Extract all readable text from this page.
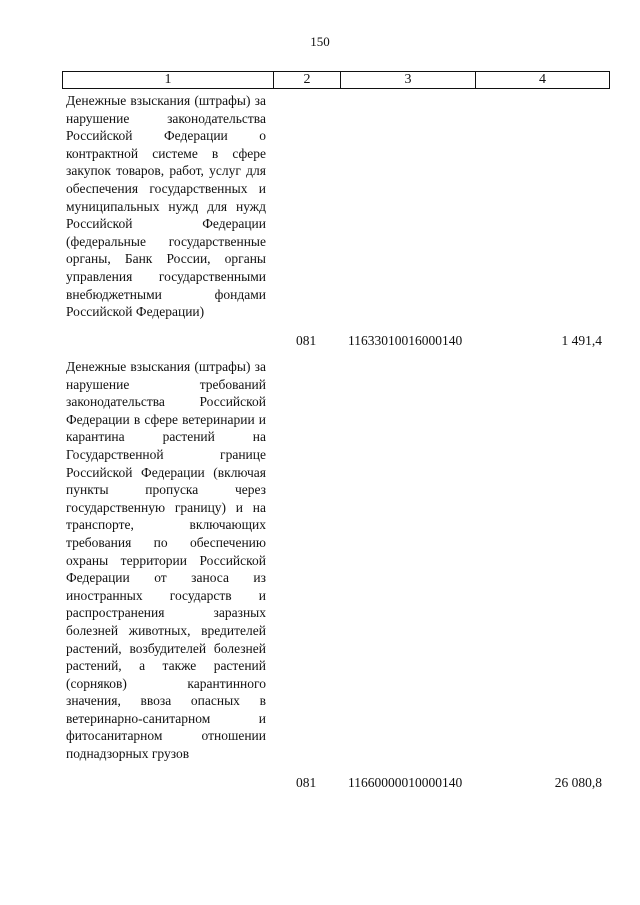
150
1	2	3	4
Денежные взыскания (штрафы) за нарушение законодательства Российской Федерации о контрактной системе в сфере закупок товаров, работ, услуг для обеспечения государственных и муниципальных нужд для нужд Российской Федерации (федеральные государственные органы, Банк России, органы управления государственными внебюджетными фондами Российской Федерации)
081 11633010016000140	1 491,4
Денежные взыскания (штрафы) за нарушение требований законодательства Российской Федерации в сфере ветеринарии и карантина растений на Государственной границе Российской Федерации (включая пункты пропуска через государственную границу) и на транспорте, включающих требования по обеспечению охраны территории Российской Федерации от заноса из иностранных государств и распространения заразных болезней животных, вредителей растений, возбудителей болезней растений, а также растений (сорняков) карантинного значения, ввоза опасных в ветеринарно-санитарном и фитосанитарном отношении поднадзорных грузов
081 11660000010000140	26 080,8
